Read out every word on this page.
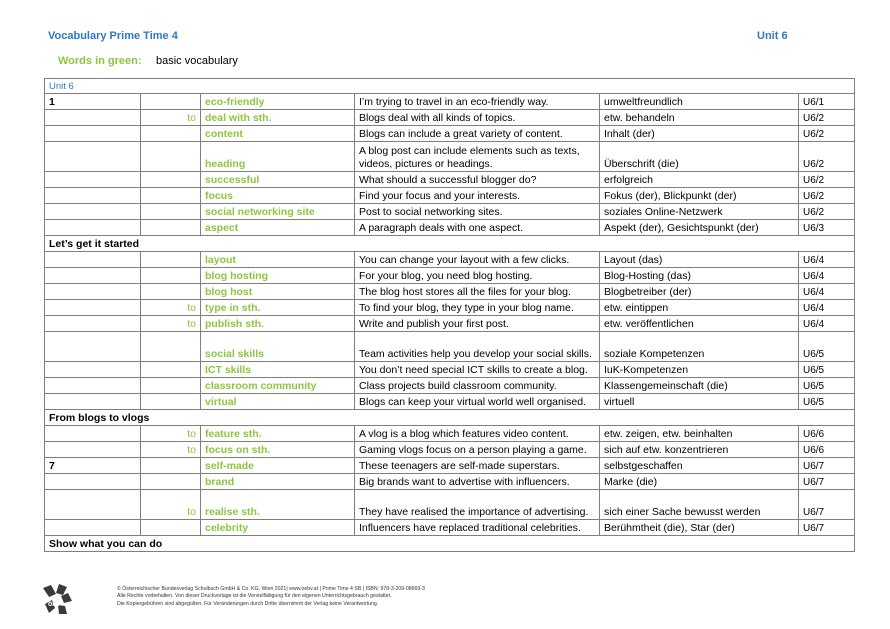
Vocabulary Prime Time 4	Unit 6
Words in green: basic vocabulary
Unit 6					
1		eco-friendly	I’m trying to travel in an eco-friendly way.	umweltfreundlich	U6/1
	to	deal with sth.	Blogs deal with all kinds of topics.	etw. behandeln	U6/2
		content	Blogs can include a great variety of content.	Inhalt (der)	U6/2
		heading	A blog post can include elements such as texts, videos, pictures or headings.	Überschrift (die)	U6/2
		successful	What should a successful blogger do?	erfolgreich	U6/2
		focus	Find your focus and your interests.	Fokus (der), Blickpunkt (der)	U6/2
		social networking site	Post to social networking sites.	soziales Online-Netzwerk	U6/2
		aspect	A paragraph deals with one aspect.	Aspekt (der), Gesichtspunkt (der)	U6/3
Let’s get it started					
		layout	You can change your layout with a few clicks.	Layout (das)	U6/4
		blog hosting	For your blog, you need blog hosting.	Blog-Hosting (das)	U6/4
		blog host	The blog host stores all the files for your blog.	Blogbetreiber (der)	U6/4
	to	type in sth.	To find your blog, they type in your blog name.	etw. eintippen	U6/4
	to	publish sth.	Write and publish your first post.	etw. veröffentlichen	U6/4
		social skills	Team activities help you develop your social skills.	soziale Kompetenzen	U6/5
		ICT skills	You don’t need special ICT skills to create a blog.	IuK-Kompetenzen	U6/5
		classroom community	Class projects build classroom community.	Klassengemeinschaft (die)	U6/5
		virtual	Blogs can keep your virtual world well organised.	virtuell	U6/5
From blogs to vlogs					
	to	feature sth.	A vlog is a blog which features video content.	etw. zeigen, etw. beinhalten	U6/6
	to	focus on sth.	Gaming vlogs focus on a person playing a game.	sich auf etw. konzentrieren	U6/6
7		self-made	These teenagers are self-made superstars.	selbstgeschaffen	U6/7
		brand	Big brands want to advertise with influencers.	Marke (die)	U6/7
	to	realise sth.	They have realised the importance of advertising.	sich einer Sache bewusst werden	U6/7
		celebrity	Influencers have replaced traditional celebrities.	Berühmtheit (die), Star (der)	U6/7
Show what you can do					
öbv
© Österreichischer Bundesverlag Schulbuch GmbH & Co. KG, Wien 2021| www.oebv.at | Prime Time 4 SB | ISBN: 978-3-209-08669-3
Alle Rechte vorbehalten. Von dieser Druckvorlage ist die Vervielfältigung für den eigenen Unterrichtsgebrauch gestattet.
Die Kopiergebühren sind abgegolten. Für Veränderungen durch Dritte übernimmt der Verlag keine Verantwortung.
